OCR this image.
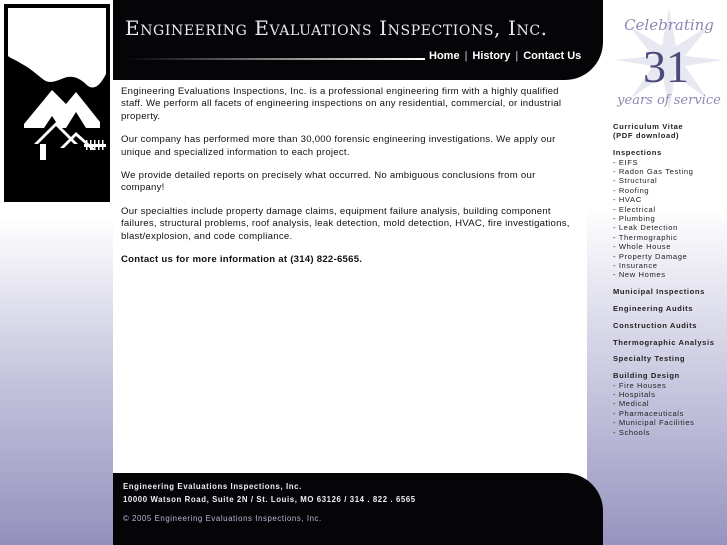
Engineering Evaluations Inspections, Inc.
Home | History | Contact Us

Engineering Evaluations Inspections, Inc. is a professional engineering firm with a highly qualified staff. We perform all facets of engineering inspections on any residential, commercial, or industrial property.

Our company has performed more than 30,000 forensic engineering investigations. We apply our unique and specialized information to each project.

We provide detailed reports on precisely what occurred. No ambiguous conclusions from our company!

Our specialties include property damage claims, equipment failure analysis, building component failures, structural problems, roof analysis, leak detection, mold detection, HVAC, fire investigations, blast/explosion, and code compliance.

Contact us for more information at (314) 822-6565.

Engineering Evaluations Inspections, Inc.
10000 Watson Road, Suite 2N / St. Louis, MO 63126 / 314 . 822 . 6565
© 2005 Engineering Evaluations Inspections, Inc.
Celebrating
31
years of service
Curriculum Vitae
(PDF download)
Inspections
- EIFS
- Radon Gas Testing
- Structural
- Roofing
- HVAC
- Electrical
- Plumbing
- Leak Detection
- Thermographic
- Whole House
- Property Damage
- Insurance
- New Homes
Municipal Inspections
Engineering Audits
Construction Audits
Thermographic Analysis
Specialty Testing
Building Design
- Fire Houses
- Hospitals
- Medical
- Pharmaceuticals
- Municipal Facilities
- Schools
